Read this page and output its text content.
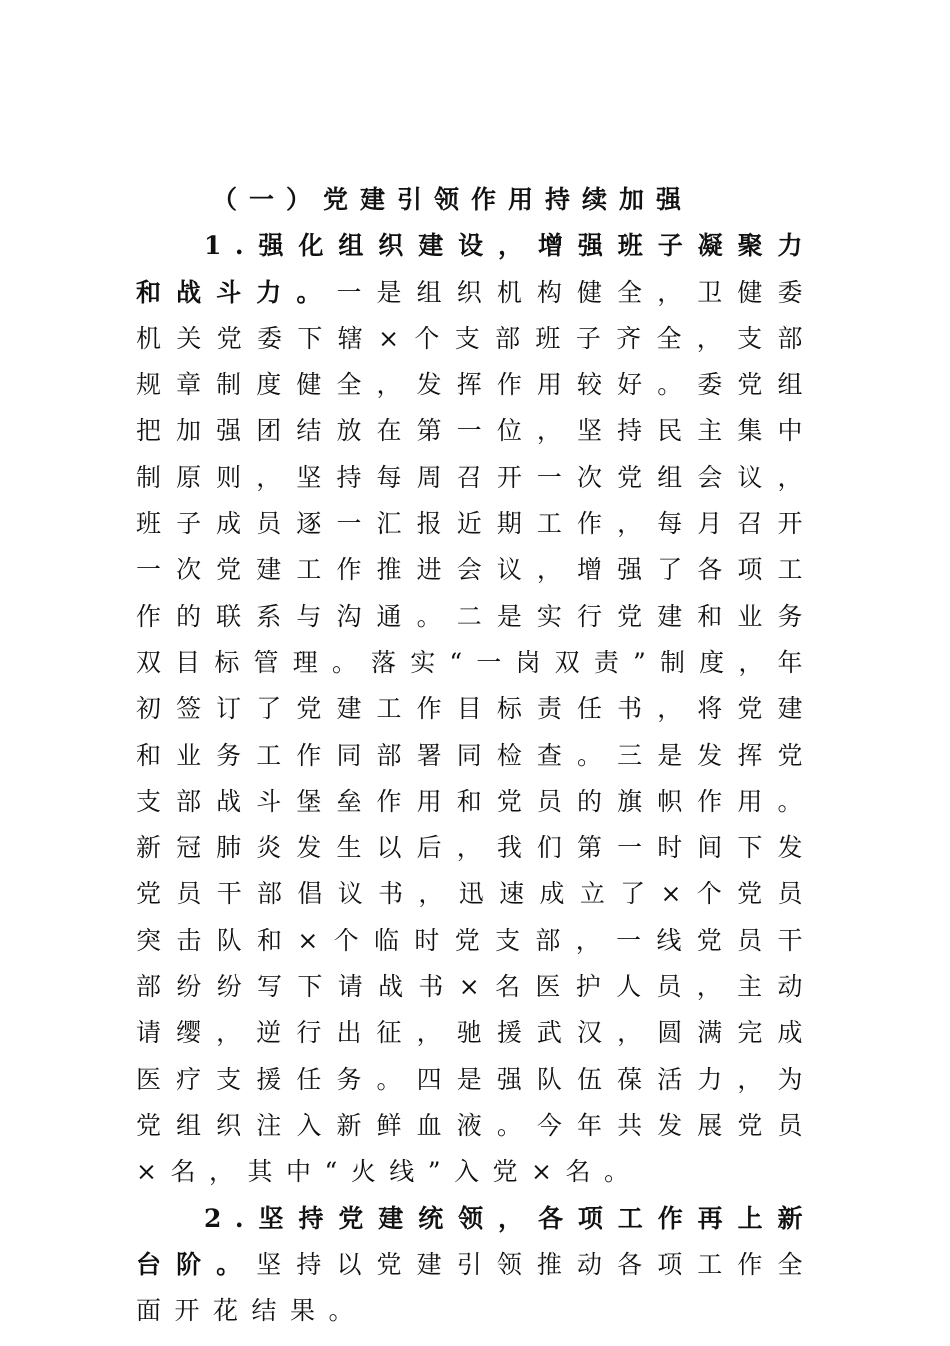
（一）党建引领作用持续加强

1.强化组织建设，增强班子凝聚力和战斗力。一是组织机构健全，卫健委机关党委下辖×个支部班子齐全，支部规章制度健全，发挥作用较好。委党组把加强团结放在第一位，坚持民主集中制原则，坚持每周召开一次党组会议，班子成员逐一汇报近期工作，每月召开一次党建工作推进会议，增强了各项工作的联系与沟通。二是实行党建和业务双目标管理。落实“一岗双责”制度，年初签订了党建工作目标责任书，将党建和业务工作同部署同检查。三是发挥党支部战斗堡垒作用和党员的旗帜作用。新冠肺炎发生以后，我们第一时间下发党员干部倡议书，迅速成立了×个党员突击队和×个临时党支部，一线党员干部纷纷写下请战书×名医护人员，主动请缨，逆行出征，驰援武汉，圆满完成医疗支援任务。四是强队伍葆活力，为党组织注入新鲜血液。今年共发展党员×名，其中“火线”入党×名。

2.坚持党建统领，各项工作再上新台阶。坚持以党建引领推动各项工作全面开花结果。
